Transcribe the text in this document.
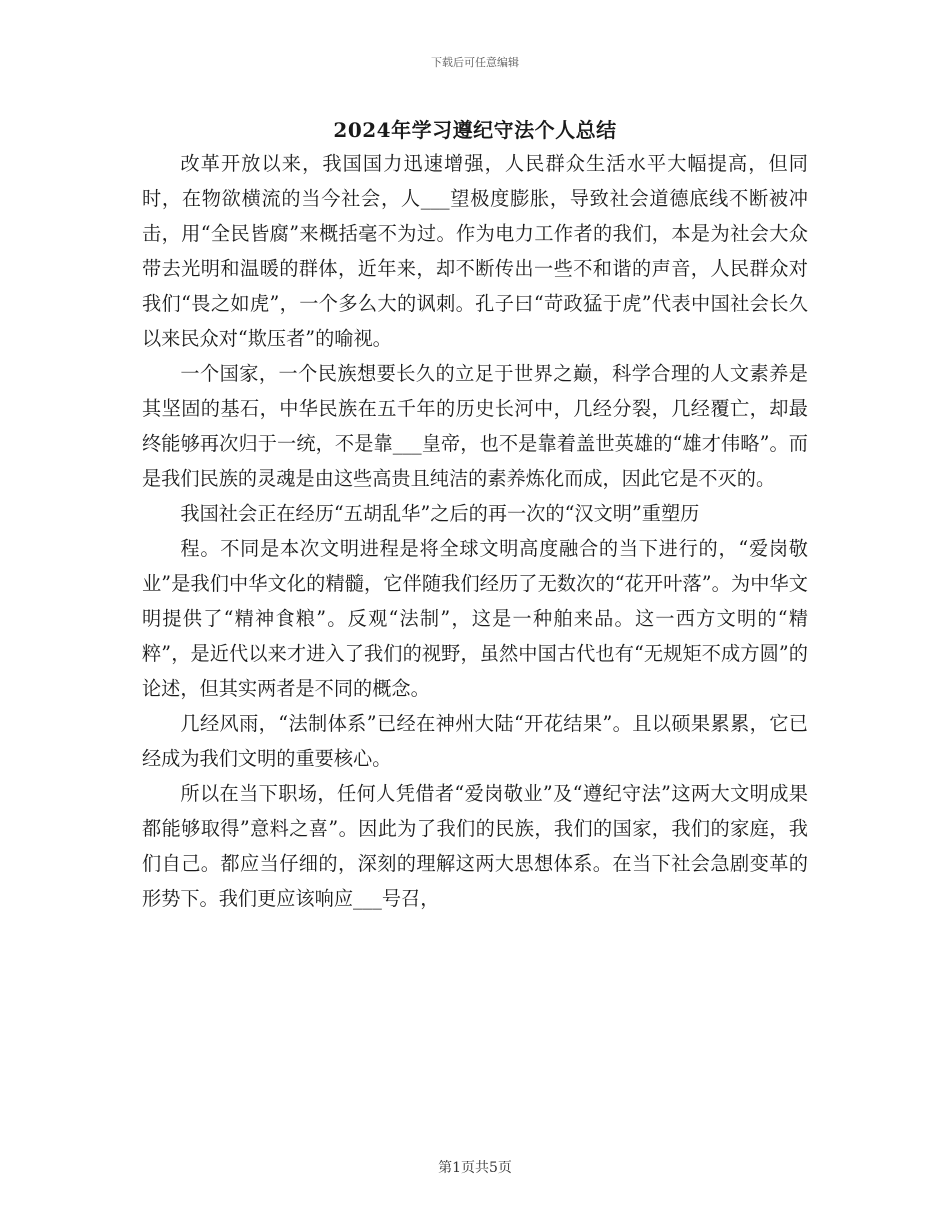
下载后可任意编辑
2024年学习遵纪守法个人总结

改革开放以来，我国国力迅速增强，人民群众生活水平大幅提高，但同时，在物欲横流的当今社会，人___望极度膨胀，导致社会道德底线不断被冲击，用“全民皆腐”来概括毫不为过。作为电力工作者的我们，本是为社会大众带去光明和温暖的群体，近年来，却不断传出一些不和谐的声音，人民群众对我们“畏之如虎”，一个多么大的讽刺。孔子曰“苛政猛于虎”代表中国社会长久以来民众对“欺压者”的喻视。

一个国家，一个民族想要长久的立足于世界之巅，科学合理的人文素养是其坚固的基石，中华民族在五千年的历史长河中，几经分裂，几经覆亡，却最终能够再次归于一统，不是靠___皇帝，也不是靠着盖世英雄的“雄才伟略”。而是我们民族的灵魂是由这些高贵且纯洁的素养炼化而成，因此它是不灭的。

我国社会正在经历“五胡乱华”之后的再一次的“汉文明”重塑历

程。不同是本次文明进程是将全球文明高度融合的当下进行的，“爱岗敬业”是我们中华文化的精髓，它伴随我们经历了无数次的“花开叶落”。为中华文明提供了“精神食粮”。反观“法制”，这是一种舶来品。这一西方文明的“精粹”，是近代以来才进入了我们的视野，虽然中国古代也有“无规矩不成方圆”的论述，但其实两者是不同的概念。

几经风雨，“法制体系”已经在神州大陆“开花结果”。且以硕果累累，它已经成为我们文明的重要核心。

所以在当下职场，任何人凭借者“爱岗敬业”及“遵纪守法”这两大文明成果都能够取得”意料之喜”。因此为了我们的民族，我们的国家，我们的家庭，我们自己。都应当仔细的，深刻的理解这两大思想体系。在当下社会急剧变革的形势下。我们更应该响应___号召，

第1页共5页
